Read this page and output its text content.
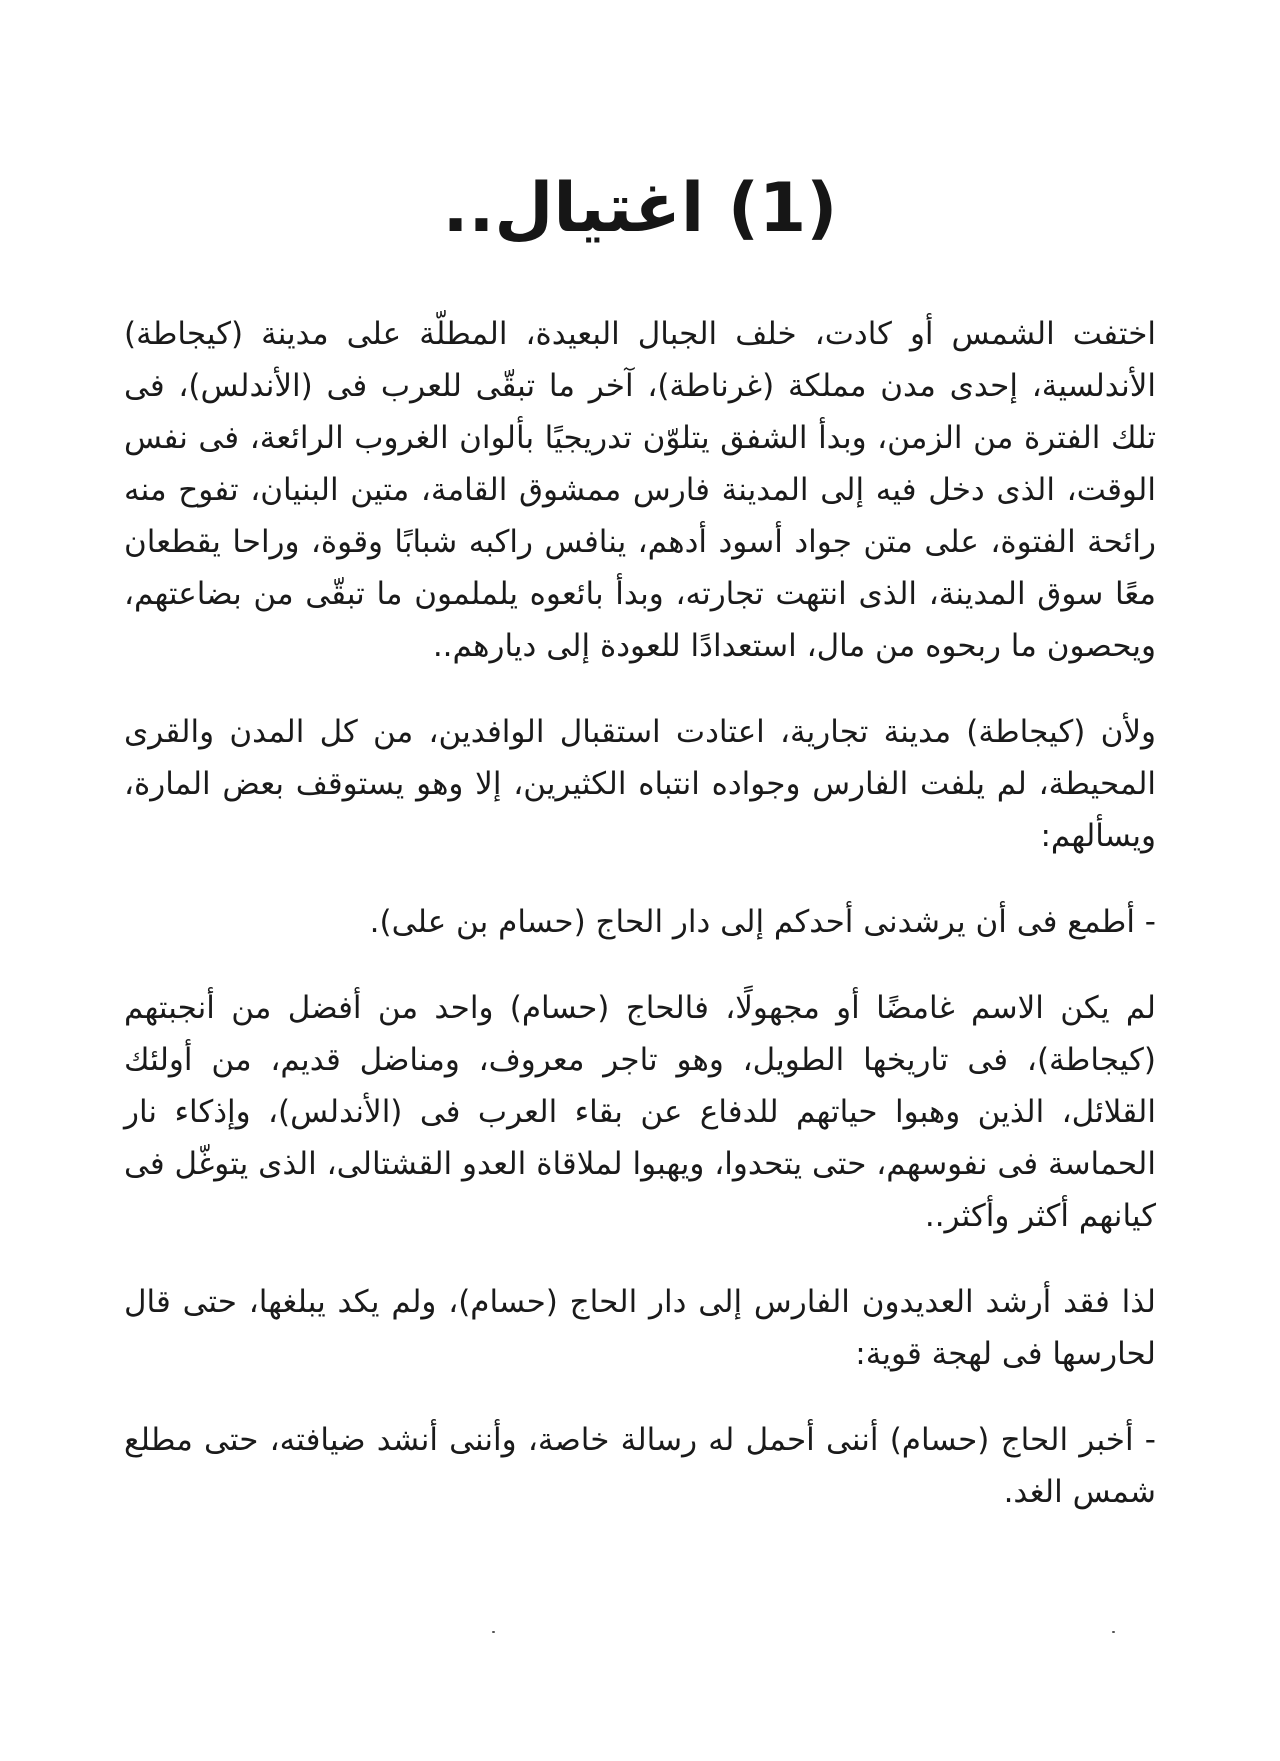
(1) اغتيال..

اختفت الشمس أو كادت، خلف الجبال البعيدة، المطلّة على مدينة (كيجاطة) الأندلسية، إحدى مدن مملكة (غرناطة)، آخر ما تبقّى للعرب فى (الأندلس)، فى تلك الفترة من الزمن، وبدأ الشفق يتلوّن تدريجيًا بألوان الغروب الرائعة، فى نفس الوقت، الذى دخل فيه إلى المدينة فارس ممشوق القامة، متين البنيان، تفوح منه رائحة الفتوة، على متن جواد أسود أدهم، ينافس راكبه شبابًا وقوة، وراحا يقطعان معًا سوق المدينة، الذى انتهت تجارته، وبدأ بائعوه يلملمون ما تبقّى من بضاعتهم، ويحصون ما ربحوه من مال، استعدادًا للعودة إلى ديارهم..

ولأن (كيجاطة) مدينة تجارية، اعتادت استقبال الوافدين، من كل المدن والقرى المحيطة، لم يلفت الفارس وجواده انتباه الكثيرين، إلا وهو يستوقف بعض المارة، ويسألهم:

- أطمع فى أن يرشدنى أحدكم إلى دار الحاج (حسام بن على).

لم يكن الاسم غامضًا أو مجهولًا، فالحاج (حسام) واحد من أفضل من أنجبتهم (كيجاطة)، فى تاريخها الطويل، وهو تاجر معروف، ومناضل قديم، من أولئك القلائل، الذين وهبوا حياتهم للدفاع عن بقاء العرب فى (الأندلس)، وإذكاء نار الحماسة فى نفوسهم، حتى يتحدوا، ويهبوا لملاقاة العدو القشتالى، الذى يتوغّل فى كيانهم أكثر وأكثر..

لذا فقد أرشد العديدون الفارس إلى دار الحاج (حسام)، ولم يكد يبلغها، حتى قال لحارسها فى لهجة قوية:

- أخبر الحاج (حسام) أننى أحمل له رسالة خاصة، وأننى أنشد ضيافته، حتى مطلع شمس الغد.
